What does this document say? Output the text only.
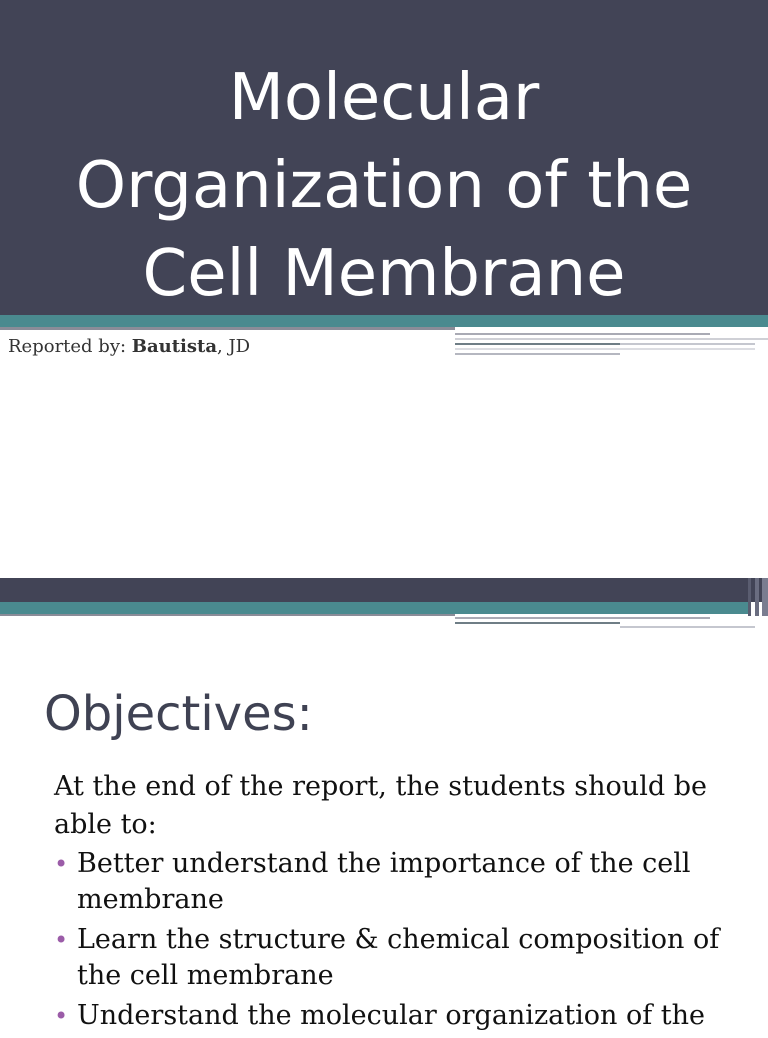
Molecular Organization of the Cell Membrane
Reported by: Bautista, JD
Objectives:

At the end of the report, the students should be able to:

• Better understand the importance of the cell membrane
• Learn the structure & chemical composition of the cell membrane
• Understand the molecular organization of the
